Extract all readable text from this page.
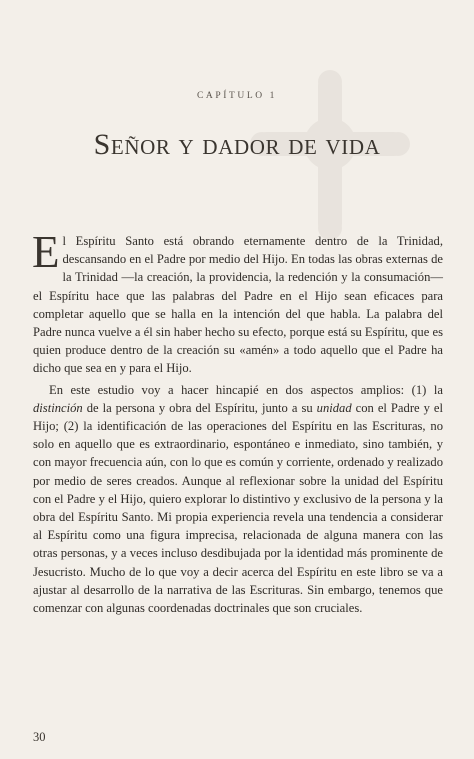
CAPÍTULO 1
Señor y dador de vida

El Espíritu Santo está obrando eternamente dentro de la Trinidad, descansando en el Padre por medio del Hijo. En todas las obras externas de la Trinidad —la creación, la providencia, la redención y la consumación— el Espíritu hace que las palabras del Padre en el Hijo sean eficaces para completar aquello que se halla en la intención del que habla. La palabra del Padre nunca vuelve a él sin haber hecho su efecto, porque está su Espíritu, que es quien produce dentro de la creación su «amén» a todo aquello que el Padre ha dicho que sea en y para el Hijo.

En este estudio voy a hacer hincapié en dos aspectos amplios: (1) la distinción de la persona y obra del Espíritu, junto a su unidad con el Padre y el Hijo; (2) la identificación de las operaciones del Espíritu en las Escrituras, no solo en aquello que es extraordinario, espontáneo e inmediato, sino también, y con mayor frecuencia aún, con lo que es común y corriente, ordenado y realizado por medio de seres creados. Aunque al reflexionar sobre la unidad del Espíritu con el Padre y el Hijo, quiero explorar lo distintivo y exclusivo de la persona y la obra del Espíritu Santo. Mi propia experiencia revela una tendencia a considerar al Espíritu como una figura imprecisa, relacionada de alguna manera con las otras personas, y a veces incluso desdibujada por la identidad más prominente de Jesucristo. Mucho de lo que voy a decir acerca del Espíritu en este libro se va a ajustar al desarrollo de la narrativa de las Escrituras. Sin embargo, tenemos que comenzar con algunas coordenadas doctrinales que son cruciales.

30
